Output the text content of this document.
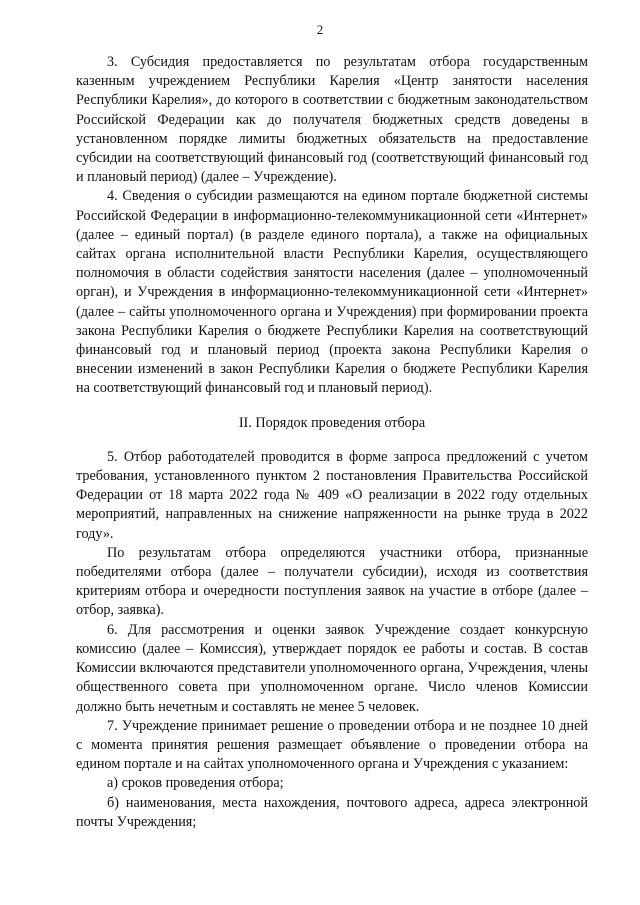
2

3. Субсидия предоставляется по результатам отбора государственным казенным учреждением Республики Карелия «Центр занятости населения Республики Карелия», до которого в соответствии с бюджетным законодательством Российской Федерации как до получателя бюджетных средств доведены в установленном порядке лимиты бюджетных обязательств на предоставление субсидии на соответствующий финансовый год (соответствующий финансовый год и плановый период) (далее – Учреждение).

4. Сведения о субсидии размещаются на едином портале бюджетной системы Российской Федерации в информационно-телекоммуникационной сети «Интернет» (далее – единый портал) (в разделе единого портала), а также на официальных сайтах органа исполнительной власти Республики Карелия, осуществляющего полномочия в области содействия занятости населения (далее – уполномоченный орган), и Учреждения в информационно-телекоммуникационной сети «Интернет» (далее – сайты уполномоченного органа и Учреждения) при формировании проекта закона Республики Карелия о бюджете Республики Карелия на соответствующий финансовый год и плановый период (проекта закона Республики Карелия о внесении изменений в закон Республики Карелия о бюджете Республики Карелия на соответствующий финансовый год и плановый период).

II. Порядок проведения отбора

5. Отбор работодателей проводится в форме запроса предложений с учетом требования, установленного пунктом 2 постановления Правительства Российской Федерации от 18 марта 2022 года № 409 «О реализации в 2022 году отдельных мероприятий, направленных на снижение напряженности на рынке труда в 2022 году».

По результатам отбора определяются участники отбора, признанные победителями отбора (далее – получатели субсидии), исходя из соответствия критериям отбора и очередности поступления заявок на участие в отборе (далее – отбор, заявка).

6. Для рассмотрения и оценки заявок Учреждение создает конкурсную комиссию (далее – Комиссия), утверждает порядок ее работы и состав. В состав Комиссии включаются представители уполномоченного органа, Учреждения, члены общественного совета при уполномоченном органе. Число членов Комиссии должно быть нечетным и составлять не менее 5 человек.

7. Учреждение принимает решение о проведении отбора и не позднее 10 дней с момента принятия решения размещает объявление о проведении отбора на едином портале и на сайтах уполномоченного органа и Учреждения с указанием:

а) сроков проведения отбора;

б) наименования, места нахождения, почтового адреса, адреса электронной почты Учреждения;
